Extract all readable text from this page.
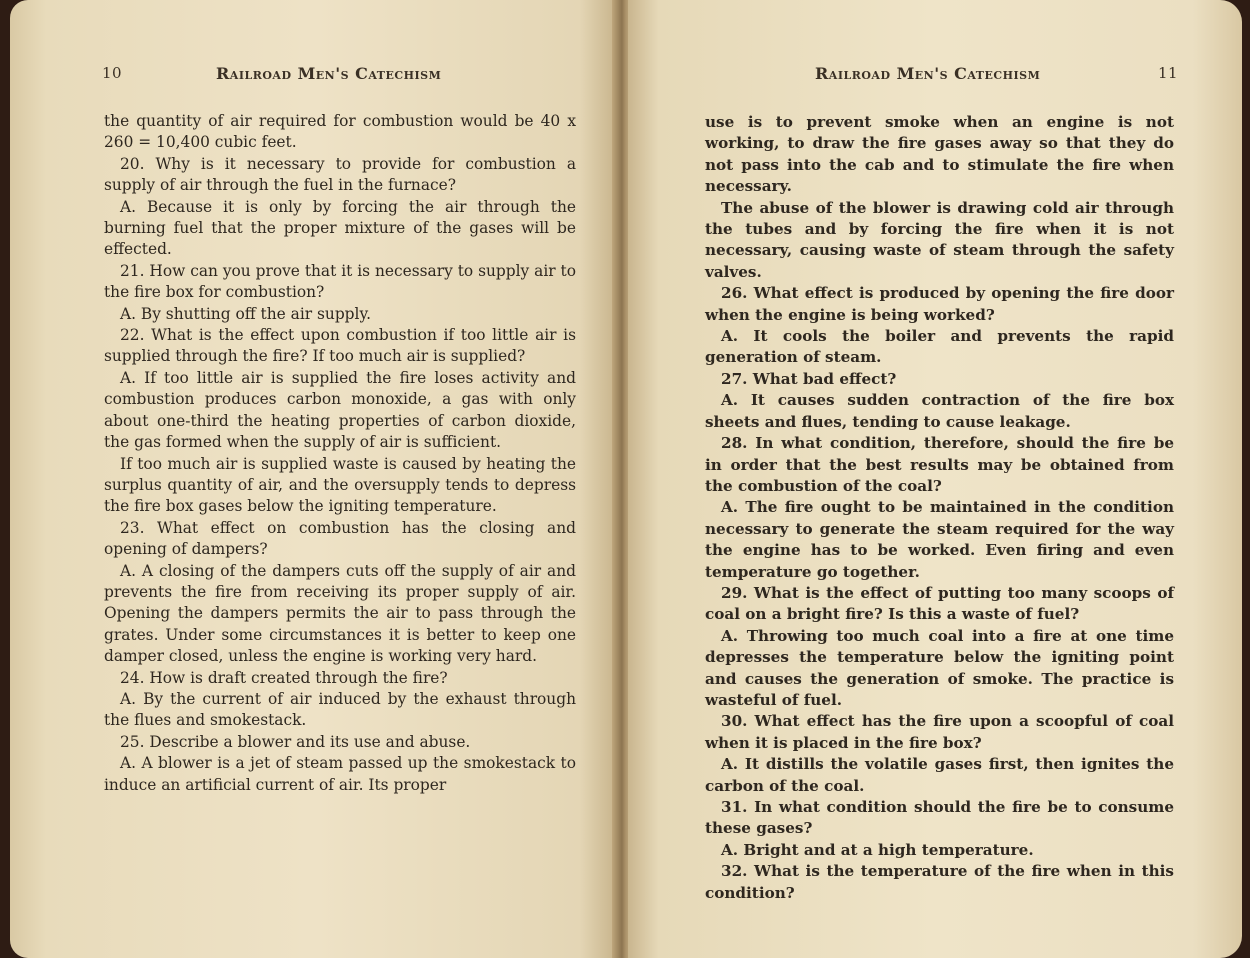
10	Railroad Men's Catechism

the quantity of air required for combustion would be 40 x 260 = 10,400 cubic feet.

20. Why is it necessary to provide for combustion a supply of air through the fuel in the furnace?

A. Because it is only by forcing the air through the burning fuel that the proper mixture of the gases will be effected.

21. How can you prove that it is necessary to supply air to the fire box for combustion?

A. By shutting off the air supply.

22. What is the effect upon combustion if too little air is supplied through the fire? If too much air is supplied?

A. If too little air is supplied the fire loses activity and combustion produces carbon monoxide, a gas with only about one-third the heating properties of carbon dioxide, the gas formed when the supply of air is sufficient.

If too much air is supplied waste is caused by heating the surplus quantity of air, and the oversupply tends to depress the fire box gases below the igniting temperature.

23. What effect on combustion has the closing and opening of dampers?

A. A closing of the dampers cuts off the supply of air and prevents the fire from receiving its proper supply of air. Opening the dampers permits the air to pass through the grates. Under some circumstances it is better to keep one damper closed, unless the engine is working very hard.

24. How is draft created through the fire?

A. By the current of air induced by the exhaust through the flues and smokestack.

25. Describe a blower and its use and abuse.

A. A blower is a jet of steam passed up the smokestack to induce an artificial current of air. Its proper

Railroad Men's Catechism	11

use is to prevent smoke when an engine is not working, to draw the fire gases away so that they do not pass into the cab and to stimulate the fire when necessary.

The abuse of the blower is drawing cold air through the tubes and by forcing the fire when it is not necessary, causing waste of steam through the safety valves.

26. What effect is produced by opening the fire door when the engine is being worked?

A. It cools the boiler and prevents the rapid generation of steam.

27. What bad effect?

A. It causes sudden contraction of the fire box sheets and flues, tending to cause leakage.

28. In what condition, therefore, should the fire be in order that the best results may be obtained from the combustion of the coal?

A. The fire ought to be maintained in the condition necessary to generate the steam required for the way the engine has to be worked. Even firing and even temperature go together.

29. What is the effect of putting too many scoops of coal on a bright fire? Is this a waste of fuel?

A. Throwing too much coal into a fire at one time depresses the temperature below the igniting point and causes the generation of smoke. The practice is wasteful of fuel.

30. What effect has the fire upon a scoopful of coal when it is placed in the fire box?

A. It distills the volatile gases first, then ignites the carbon of the coal.

31. In what condition should the fire be to consume these gases?

A. Bright and at a high temperature.

32. What is the temperature of the fire when in this condition?
